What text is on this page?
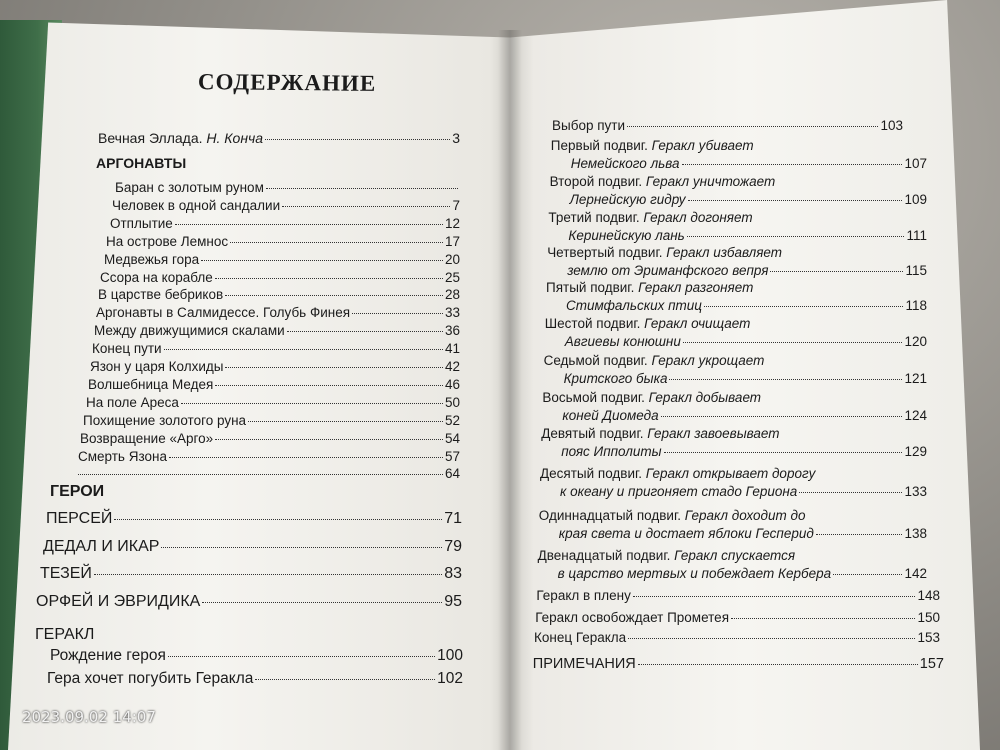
СОДЕРЖАНИЕ
Вечная Эллада. Н. Конча	3
АРГОНАВТЫ
Баран с золотым руном
Человек в одной сандалии	7
Отплытие	12
На острове Лемнос	17
Медвежья гора	20
Ссора на корабле	25
В царстве бебриков	28
Аргонавты в Салмидессе. Голубь Финея	33
Между движущимися скалами	36
Конец пути	41
Язон у царя Колхиды	42
Волшебница Медея	46
На поле Ареса	50
Похищение золотого руна	52
Возвращение «Арго»	54
Смерть Язона	57
64
ГЕРОИ
ПЕРСЕЙ	71
ДЕДАЛ И ИКАР	79
ТЕЗЕЙ	83
ОРФЕЙ И ЭВРИДИКА	95
ГЕРАКЛ
Рождение героя	100
Гера хочет погубить Геракла	102
Выбор пути	103
Первый подвиг. Геракл убивает
Немейского льва	107
Второй подвиг. Геракл уничтожает
Лернейскую гидру	109
Третий подвиг. Геракл догоняет
Керинейскую лань	111
Четвертый подвиг. Геракл избавляет
землю от Эриманфского вепря	115
Пятый подвиг. Геракл разгоняет
Стимфальских птиц	118
Шестой подвиг. Геракл очищает
Авгиевы конюшни	120
Седьмой подвиг. Геракл укрощает
Критского быка	121
Восьмой подвиг. Геракл добывает
коней Диомеда	124
Девятый подвиг. Геракл завоевывает
пояс Ипполиты	129
Десятый подвиг. Геракл открывает дорогу
к океану и пригоняет стадо Гериона	133
Одиннадцатый подвиг. Геракл доходит до
края света и достает яблоки Гесперид	138
Двенадцатый подвиг. Геракл спускается
в царство мертвых и побеждает Кербера	142
Геракл в плену	148
Геракл освобождает Прометея	150
Конец Геракла	153
ПРИМЕЧАНИЯ	157
2023.09.02 14:07
